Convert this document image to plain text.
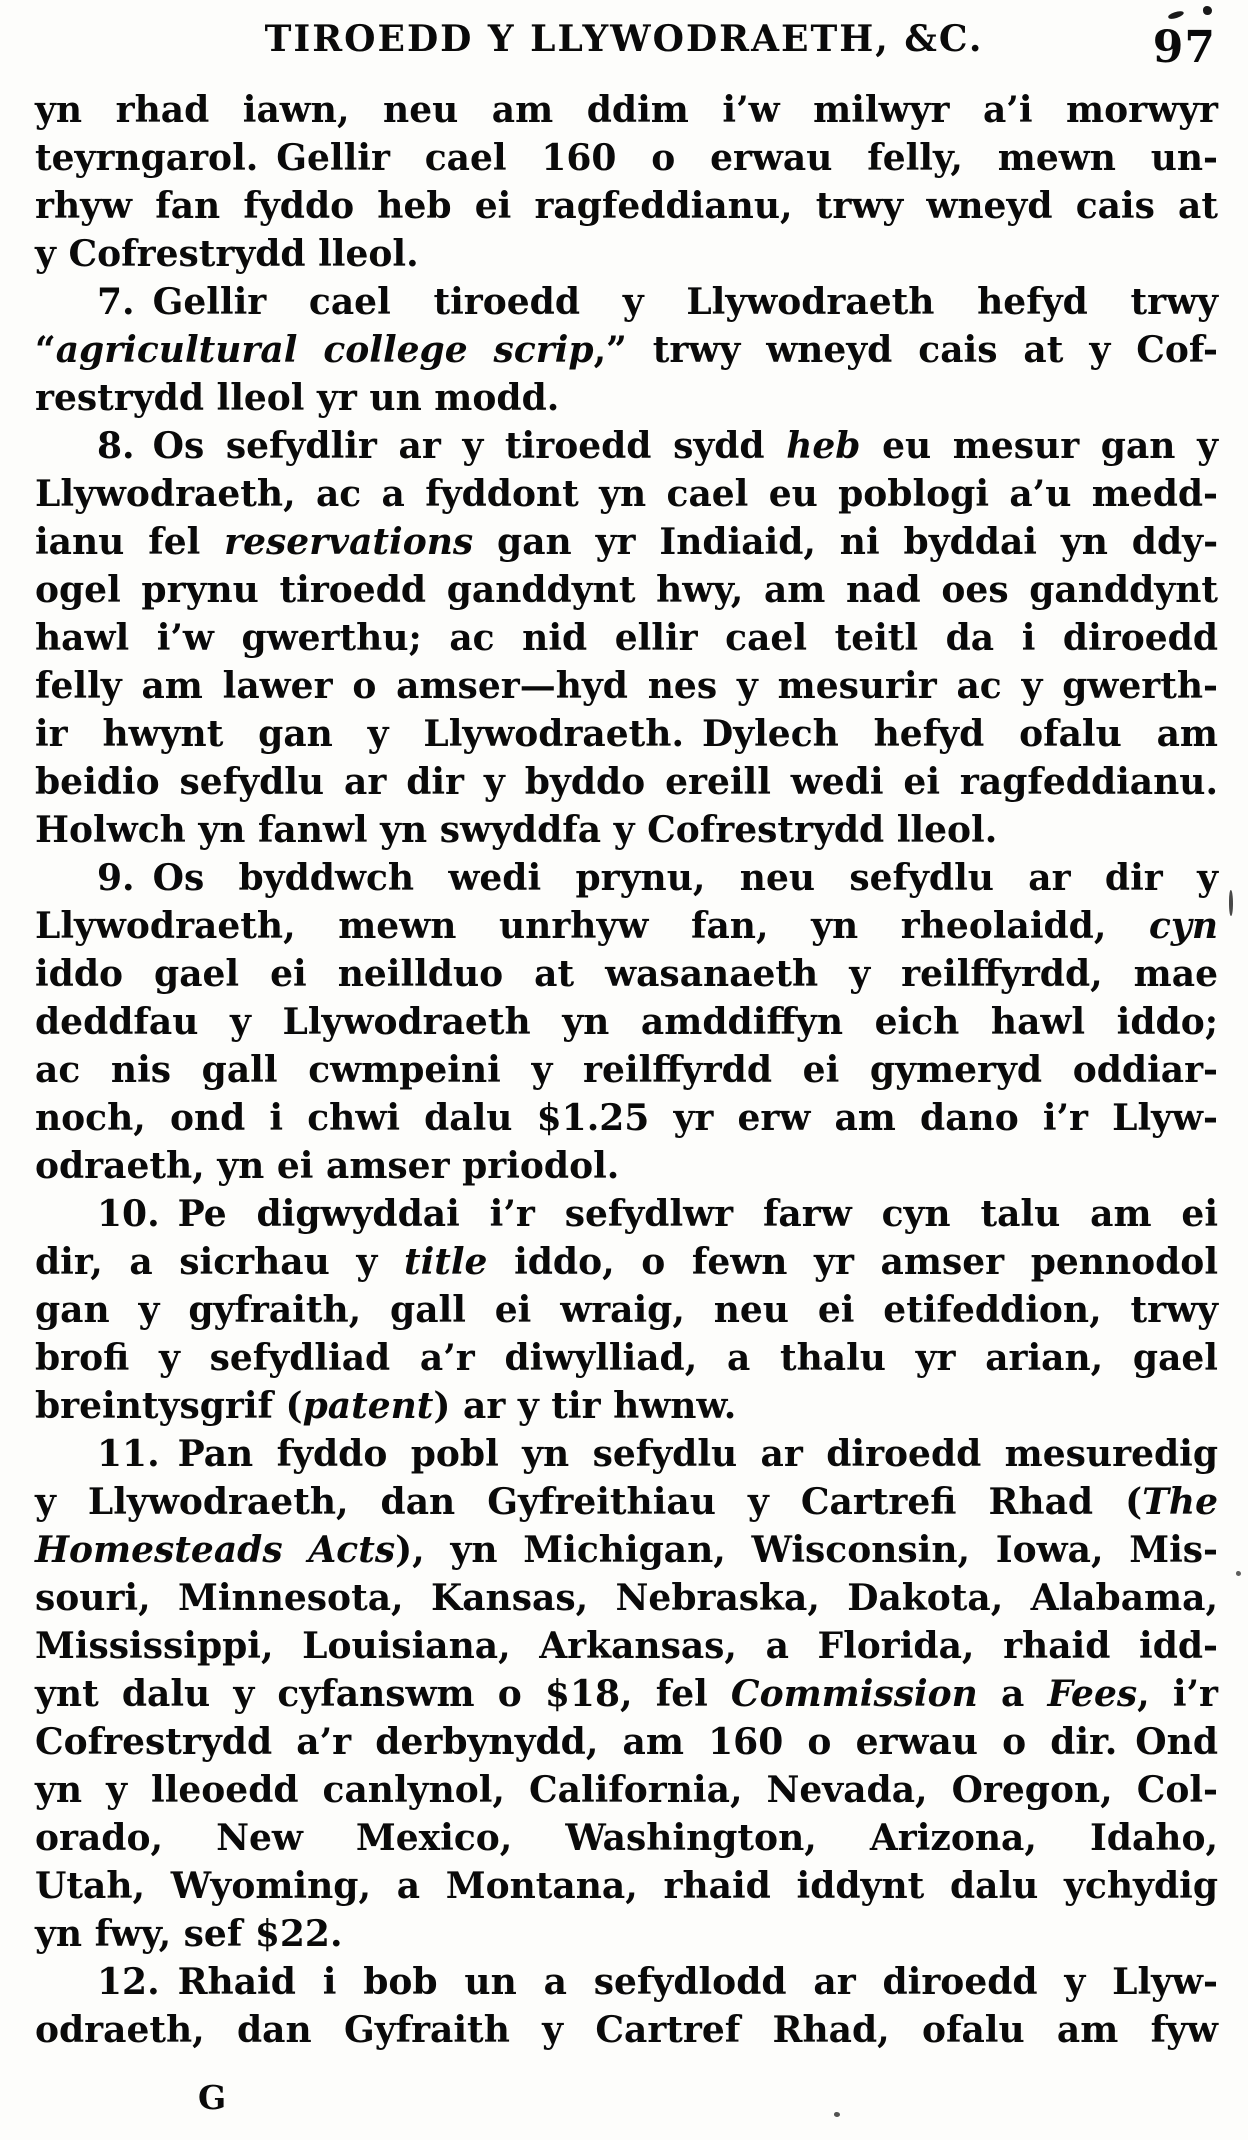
TIROEDD Y LLYWODRAETH, &C.	97
yn rhad iawn, neu am ddim i’w milwyr a’i morwyr
teyrngarol. Gellir cael 160 o erwau felly, mewn un-
rhyw fan fyddo heb ei ragfeddianu, trwy wneyd cais at
y Cofrestrydd lleol.
7. Gellir cael tiroedd y Llywodraeth hefyd trwy
“agricultural college scrip,” trwy wneyd cais at y Cof-
restrydd lleol yr un modd.
8. Os sefydlir ar y tiroedd sydd heb eu mesur gan y
Llywodraeth, ac a fyddont yn cael eu poblogi a’u medd-
ianu fel reservations gan yr Indiaid, ni byddai yn ddy-
ogel prynu tiroedd ganddynt hwy, am nad oes ganddynt
hawl i’w gwerthu; ac nid ellir cael teitl da i diroedd
felly am lawer o amser—hyd nes y mesurir ac y gwerth-
ir hwynt gan y Llywodraeth. Dylech hefyd ofalu am
beidio sefydlu ar dir y byddo ereill wedi ei ragfeddianu.
Holwch yn fanwl yn swyddfa y Cofrestrydd lleol.
9. Os byddwch wedi prynu, neu sefydlu ar dir y
Llywodraeth, mewn unrhyw fan, yn rheolaidd, cyn
iddo gael ei neillduo at wasanaeth y reilffyrdd, mae
deddfau y Llywodraeth yn amddiffyn eich hawl iddo;
ac nis gall cwmpeini y reilffyrdd ei gymeryd oddiar-
noch, ond i chwi dalu $1.25 yr erw am dano i’r Llyw-
odraeth, yn ei amser priodol.
10. Pe digwyddai i’r sefydlwr farw cyn talu am ei
dir, a sicrhau y title iddo, o fewn yr amser pennodol
gan y gyfraith, gall ei wraig, neu ei etifeddion, trwy
brofi y sefydliad a’r diwylliad, a thalu yr arian, gael
breintysgrif (patent) ar y tir hwnw.
11. Pan fyddo pobl yn sefydlu ar diroedd mesuredig
y Llywodraeth, dan Gyfreithiau y Cartrefi Rhad (The
Homesteads Acts), yn Michigan, Wisconsin, Iowa, Mis-
souri, Minnesota, Kansas, Nebraska, Dakota, Alabama,
Mississippi, Louisiana, Arkansas, a Florida, rhaid idd-
ynt dalu y cyfanswm o $18, fel Commission a Fees, i’r
Cofrestrydd a’r derbynydd, am 160 o erwau o dir. Ond
yn y lleoedd canlynol, California, Nevada, Oregon, Col-
orado, New Mexico, Washington, Arizona, Idaho,
Utah, Wyoming, a Montana, rhaid iddynt dalu ychydig
yn fwy, sef $22.
12. Rhaid i bob un a sefydlodd ar diroedd y Llyw-
odraeth, dan Gyfraith y Cartref Rhad, ofalu am fyw
G
